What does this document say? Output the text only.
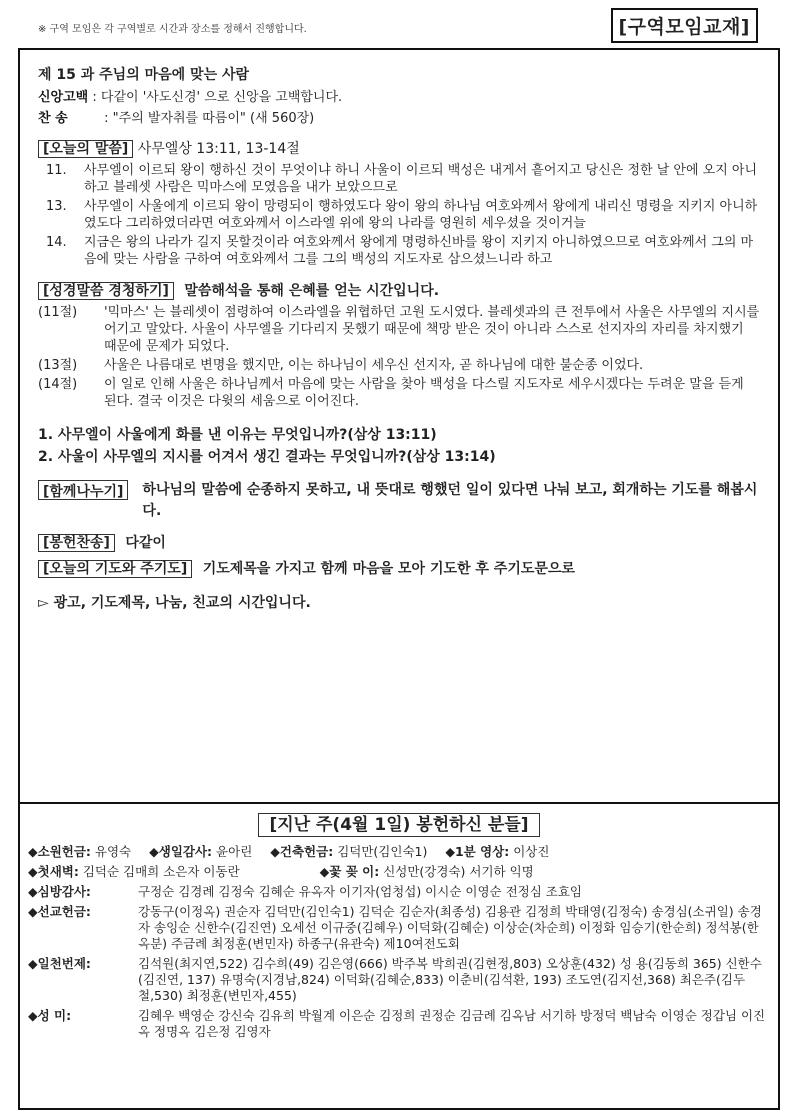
※ 구역 모임은 각 구역별로 시간과 장소를 정해서 진행합니다.	[구역모임교재]
제 15 과 주님의 마음에 맞는 사람
신앙고백 : 다같이 '사도신경' 으로 신앙을 고백합니다.
찬 송	: "주의 발자취를 따름이" (새 560장)
[오늘의 말씀] 사무엘상 13:11, 13-14절
11.	사무엘이 이르되 왕이 행하신 것이 무엇이냐 하니 사울이 이르되 백성은 내게서 흩어지고 당신은 정한 날 안에 오지 아니하고 블레셋 사람은 믹마스에 모였음을 내가 보았으므로
13.	사무엘이 사울에게 이르되 왕이 망령되이 행하였도다 왕이 왕의 하나님 여호와께서 왕에게 내리신 명령을 지키지 아니하였도다 그리하였더라면 여호와께서 이스라엘 위에 왕의 나라를 영원히 세우셨을 것이거늘
14.	지금은 왕의 나라가 길지 못할것이라 여호와께서 왕에게 명령하신바를 왕이 지키지 아니하였으므로 여호와께서 그의 마음에 맞는 사람을 구하여 여호와께서 그를 그의 백성의 지도자로 삼으셨느니라 하고
[성경말씀 경청하기] 말씀해석을 통해 은혜를 얻는 시간입니다.
(11절)	'믹마스' 는 블레셋이 점령하여 이스라엘을 위협하던 고원 도시였다. 블레셋과의 큰 전투에서 사울은 사무엘의 지시를 어기고 말았다. 사울이 사무엘을 기다리지 못했기 때문에 책망 받은 것이 아니라 스스로 선지자의 자리를 차지했기 때문에 문제가 되었다.
(13절)	사울은 나름대로 변명을 했지만, 이는 하나님이 세우신 선지자, 곧 하나님에 대한 불순종 이었다.
(14절)	이 일로 인해 사울은 하나님께서 마음에 맞는 사람을 찾아 백성을 다스릴 지도자로 세우시겠다는 두려운 말을 듣게 된다. 결국 이것은 다윗의 세움으로 이어진다.
1. 사무엘이 사울에게 화를 낸 이유는 무엇입니까?(삼상 13:11)
2. 사울이 사무엘의 지시를 어겨서 생긴 결과는 무엇입니까?(삼상 13:14)
[함께나누기]	하나님의 말씀에 순종하지 못하고, 내 뜻대로 행했던 일이 있다면 나눠 보고, 회개하는 기도를 해봅시다.
[봉헌찬송] 다같이
[오늘의 기도와 주기도] 기도제목을 가지고 함께 마음을 모아 기도한 후 주기도문으로
▻ 광고, 기도제목, 나눔, 친교의 시간입니다.
[지난 주(4월 1일) 봉헌하신 분들]
◆소원헌금: 유영숙 ◆생일감사: 윤아린 ◆건축헌금: 김덕만(김인숙1) ◆1분 영상: 이상진
◆첫새벽: 김덕순 김매희 소은자 이동란	◆꽃 꽂 이: 신성만(강경숙) 서기하 익명
◆심방감사:	구정순 김경례 김정숙 김혜순 유옥자 이기자(엄청섭) 이시순 이영순 전정심 조효임
◆선교헌금:	강동구(이정옥) 권순자 김덕만(김인숙1) 김덕순 김순자(최종성) 김용관 김정희 박태영(김정숙) 송경심(소귀일) 송경자 송잉순 신한수(김진연) 오세선 이규중(김혜우) 이덕화(김혜순) 이상순(차순희) 이정화 임승기(한순희) 정석봉(한옥분) 주금례 최정훈(변민자) 하종구(유관숙) 제10여전도회
◆일천번제:	김석원(최지연,522) 김수희(49) 김은영(666) 박주복 박희권(김현정,803) 오상훈(432) 성 용(김동희 365) 신한수(김진연, 137) 유명숙(지경남,824) 이덕화(김혜순,833) 이춘비(김석환, 193) 조도연(김지선,368) 최은주(김두철,530) 최정훈(변민자,455)
◆성 미:	김혜우 백영순 강신숙 김유희 박월계 이은순 김정희 권정순 김금례 김옥남 서기하 방정덕 백남숙 이영순 정갑님 이진옥 정명옥 김은정 김영자
